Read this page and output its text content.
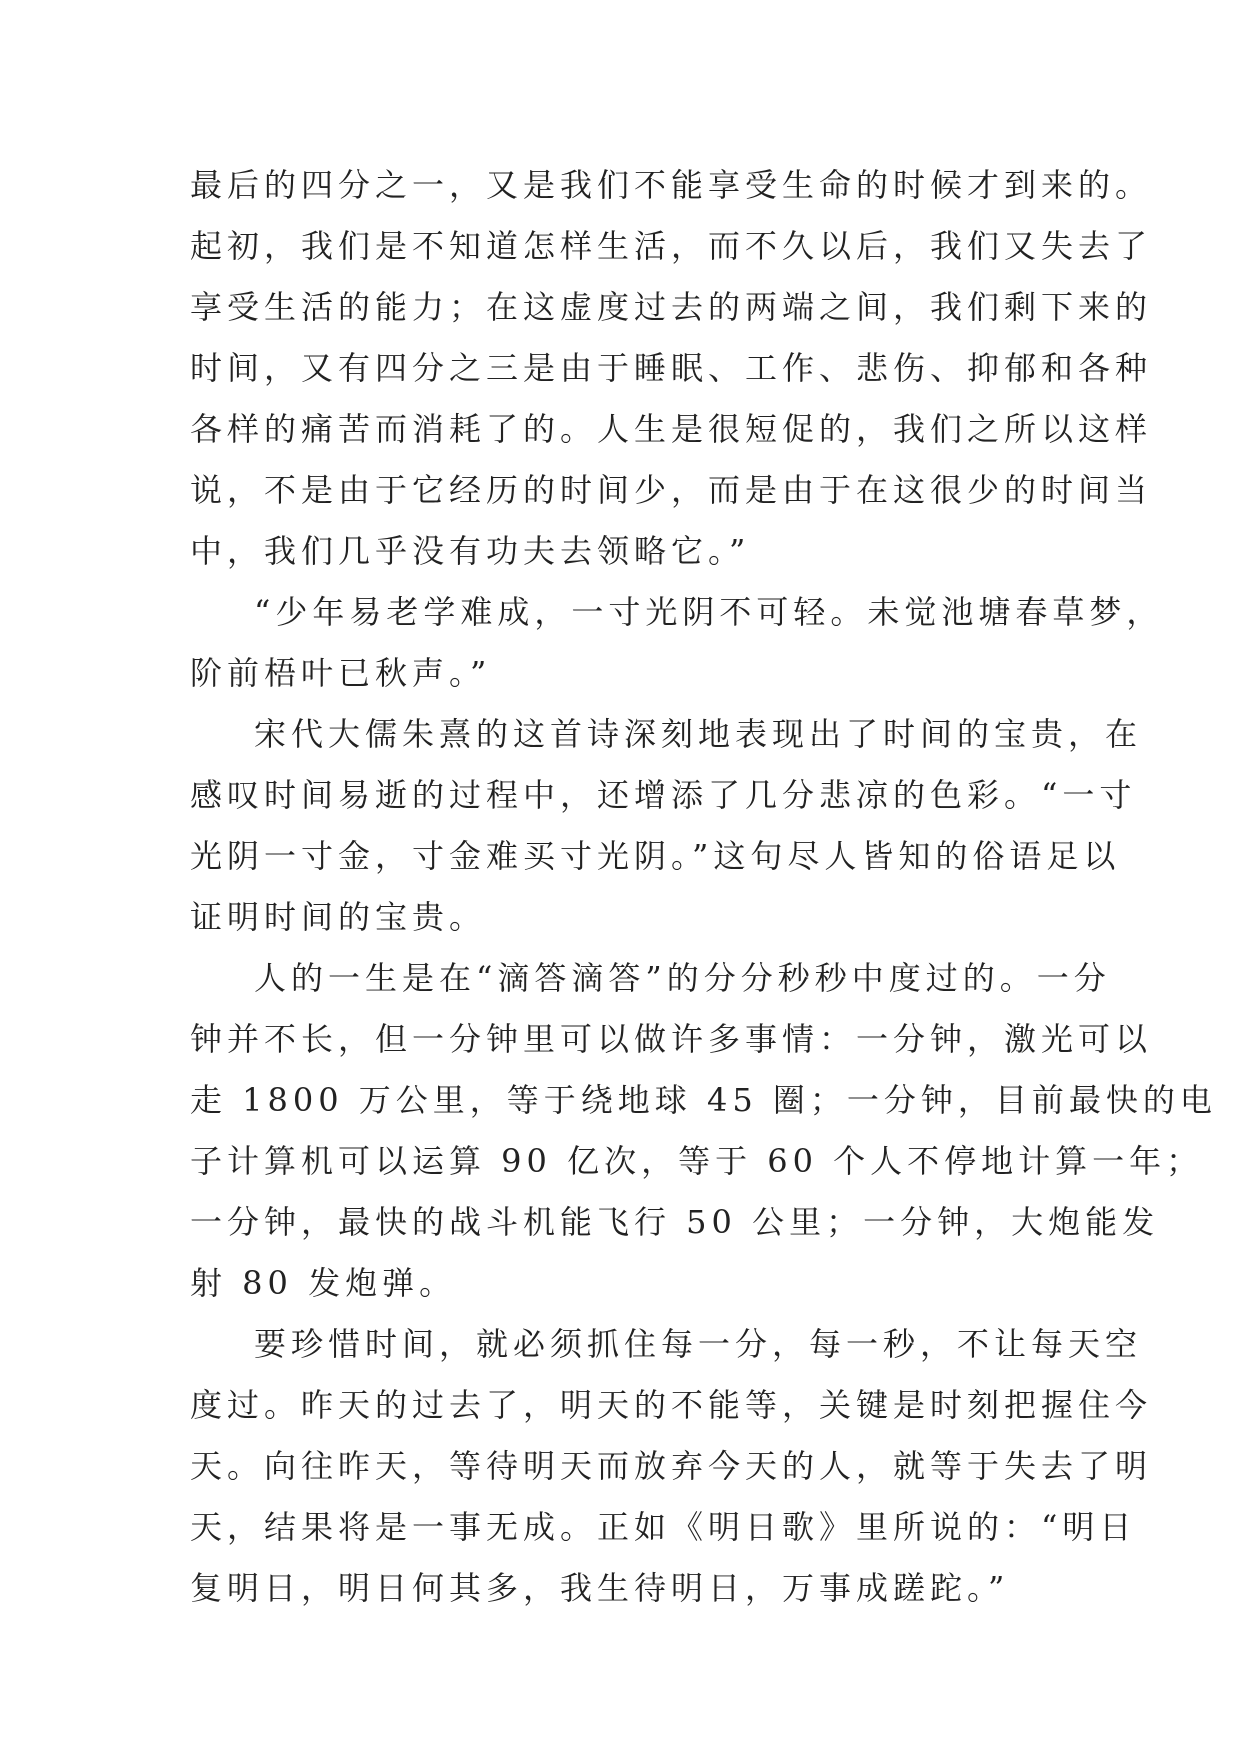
最后的四分之一，又是我们不能享受生命的时候才到来的。
起初，我们是不知道怎样生活，而不久以后，我们又失去了
享受生活的能力；在这虚度过去的两端之间，我们剩下来的
时间，又有四分之三是由于睡眠、工作、悲伤、抑郁和各种
各样的痛苦而消耗了的。人生是很短促的，我们之所以这样
说，不是由于它经历的时间少，而是由于在这很少的时间当
中，我们几乎没有功夫去领略它。”
“少年易老学难成，一寸光阴不可轻。未觉池塘春草梦，
阶前梧叶已秋声。”
宋代大儒朱熹的这首诗深刻地表现出了时间的宝贵，在
感叹时间易逝的过程中，还增添了几分悲凉的色彩。“一寸
光阴一寸金，寸金难买寸光阴。”这句尽人皆知的俗语足以
证明时间的宝贵。
人的一生是在“滴答滴答”的分分秒秒中度过的。一分
钟并不长，但一分钟里可以做许多事情：一分钟，激光可以
走 1800 万公里，等于绕地球 45 圈；一分钟，目前最快的电
子计算机可以运算 90 亿次，等于 60 个人不停地计算一年；
一分钟，最快的战斗机能飞行 50 公里；一分钟，大炮能发
射 80 发炮弹。
要珍惜时间，就必须抓住每一分，每一秒，不让每天空
度过。昨天的过去了，明天的不能等，关键是时刻把握住今
天。向往昨天，等待明天而放弃今天的人，就等于失去了明
天，结果将是一事无成。正如《明日歌》里所说的：“明日
复明日，明日何其多，我生待明日，万事成蹉跎。”
